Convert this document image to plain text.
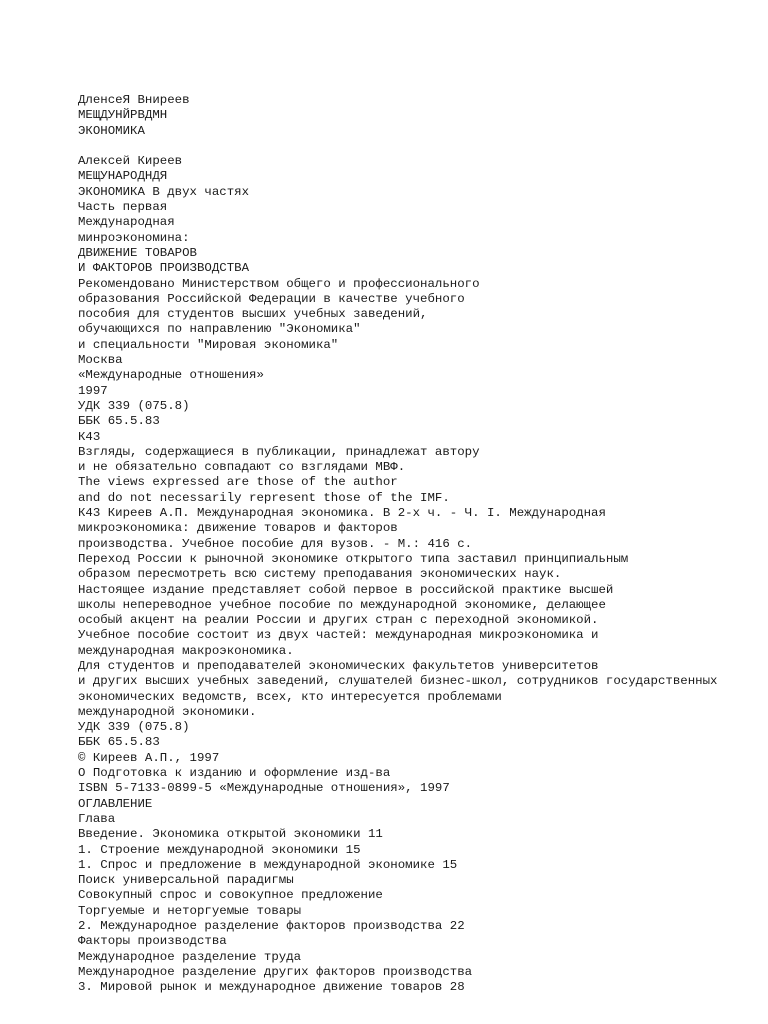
ДленсеЯ Вниреев
МЕЩДУНЙРВДМН
ЭКОНОМИКА
Алексей Киреев
МЕЩУНАРОДНДЯ
ЭКОНОМИКА В двух частях
Часть первая
Международная
минроэкономина:
ДВИЖЕНИЕ ТОВАРОВ
И ФАКТОРОВ ПРОИЗВОДСТВА
Рекомендовано Министерством общего и профессионального
образования Российской Федерации в качестве учебного
пособия для студентов высших учебных заведений,
обучающихся по направлению "Экономика"
и специальности "Мировая экономика"
Москва
«Международные отношения»
1997
УДК 339 (075.8)
ББК 65.5.83
К43
Взгляды, содержащиеся в публикации, принадлежат автору
и не обязательно совпадают со взглядами МВФ.
The views expressed are those of the author
and do not necessarily represent those of the IMF.
К43 Киреев А.П. Международная экономика. В 2-х ч. - Ч. I. Международная
микроэкономика: движение товаров и факторов
производства. Учебное пособие для вузов. - М.: 416 с.
Переход России к рыночной экономике открытого типа заставил принципиальным
образом пересмотреть всю систему преподавания экономических наук.
Настоящее издание представляет собой первое в российской практике высшей
школы непереводное учебное пособие по международной экономике, делающее
особый акцент на реалии России и других стран с переходной экономикой.
Учебное пособие состоит из двух частей: международная микроэкономика и
международная макроэкономика.
Для студентов и преподавателей экономических факультетов университетов
и других высших учебных заведений, слушателей бизнес-школ, сотрудников государственных
экономических ведомств, всех, кто интересуется проблемами
международной экономики.
УДК 339 (075.8)
ББК 65.5.83
© Киреев А.П., 1997
О Подготовка к изданию и оформление изд-ва
ISBN 5-7133-0899-5 «Международные отношения», 1997
ОГЛАВЛЕНИЕ
Глава
Введение. Экономика открытой экономики 11
1. Строение международной экономики 15
1. Спрос и предложение в международной экономике 15
Поиск универсальной парадигмы
Совокупный спрос и совокупное предложение
Торгуемые и неторгуемые товары
2. Международное разделение факторов производства 22
Факторы производства
Международное разделение труда
Международное разделение других факторов производства
3. Мировой рынок и международное движение товаров 28
